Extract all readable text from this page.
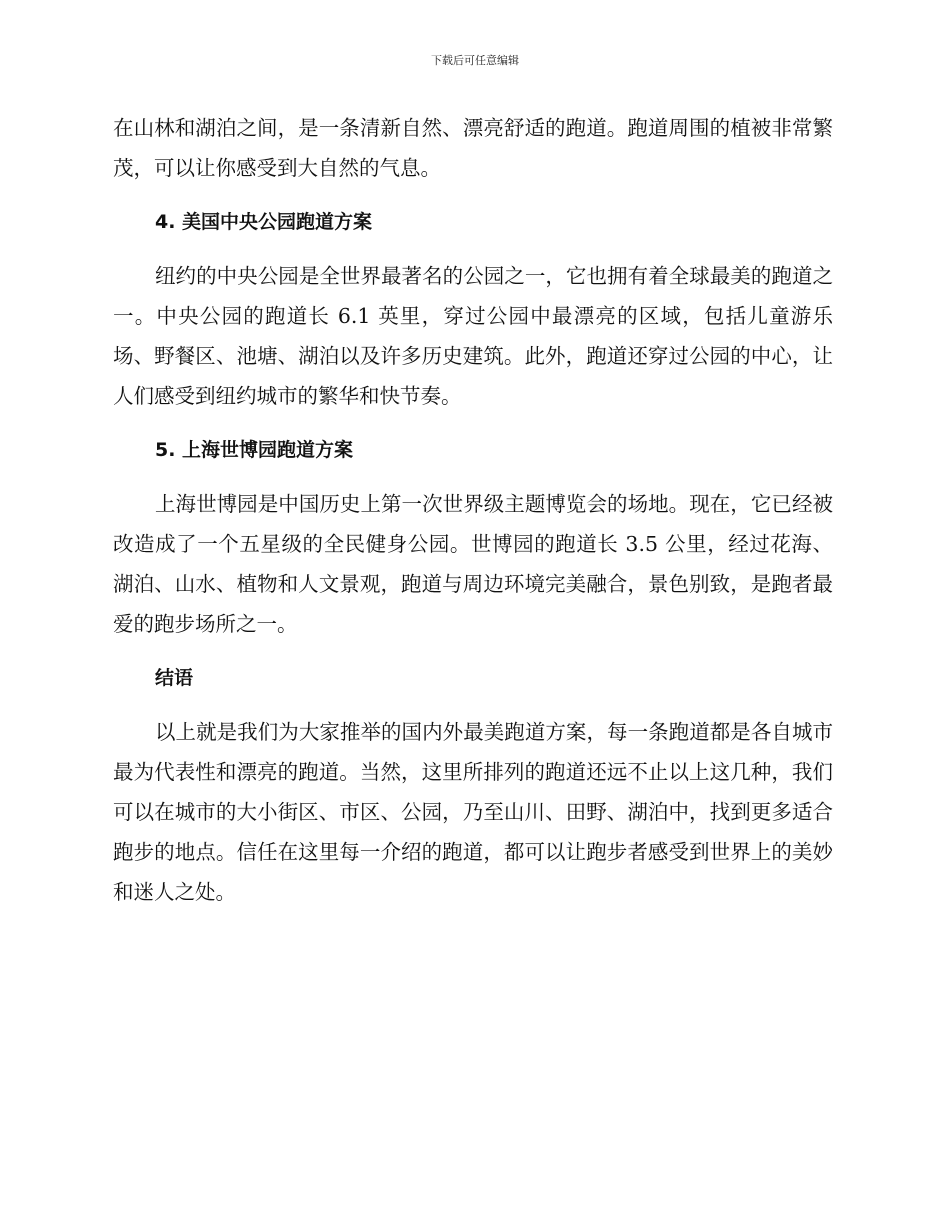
下载后可任意编辑

在山林和湖泊之间，是一条清新自然、漂亮舒适的跑道。跑道周围的植被非常繁茂，可以让你感受到大自然的气息。

4. 美国中央公园跑道方案

纽约的中央公园是全世界最著名的公园之一，它也拥有着全球最美的跑道之一。中央公园的跑道长 6.1 英里，穿过公园中最漂亮的区域，包括儿童游乐场、野餐区、池塘、湖泊以及许多历史建筑。此外，跑道还穿过公园的中心，让人们感受到纽约城市的繁华和快节奏。

5. 上海世博园跑道方案

上海世博园是中国历史上第一次世界级主题博览会的场地。现在，它已经被改造成了一个五星级的全民健身公园。世博园的跑道长 3.5 公里，经过花海、湖泊、山水、植物和人文景观，跑道与周边环境完美融合，景色别致，是跑者最爱的跑步场所之一。

结语

以上就是我们为大家推举的国内外最美跑道方案，每一条跑道都是各自城市最为代表性和漂亮的跑道。当然，这里所排列的跑道还远不止以上这几种，我们可以在城市的大小街区、市区、公园，乃至山川、田野、湖泊中，找到更多适合跑步的地点。信任在这里每一介绍的跑道，都可以让跑步者感受到世界上的美妙和迷人之处。
